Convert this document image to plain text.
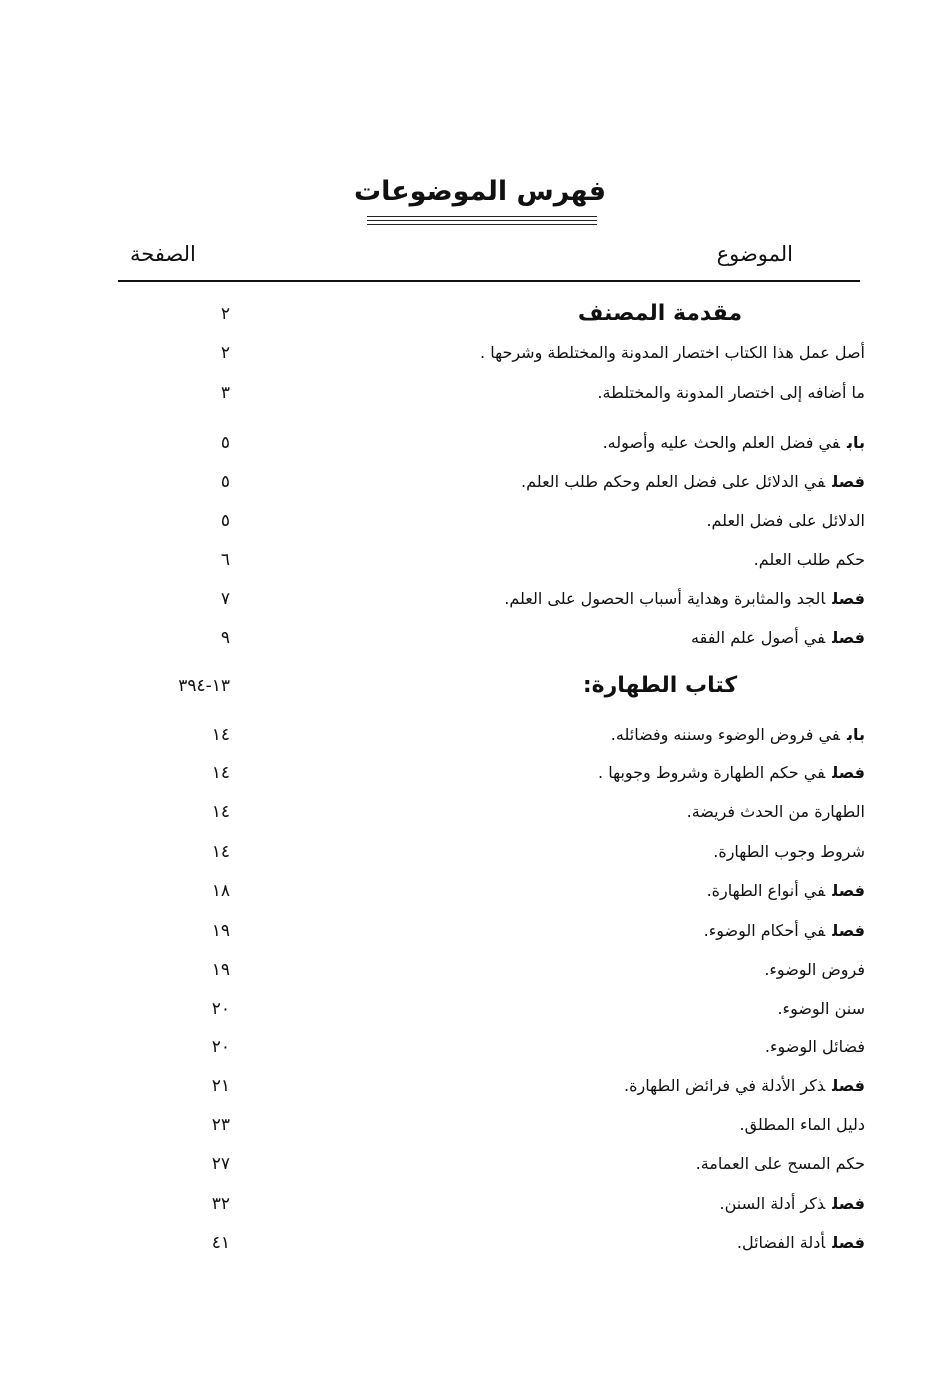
فهرس الموضوعات
الموضوع
الصفحة
مقدمة المصنف
٢
أصل عمل هذا الكتاب اختصار المدونة والمختلطة وشرحها .
٢
ما أضافه إلى اختصار المدونة والمختلطة.
٣
بابفي فضل العلم والحث عليه وأصوله.
٥
فصلفي الدلائل على فضل العلم وحكم طلب العلم.
٥
الدلائل على فضل العلم.
٥
حكم طلب العلم.
٦
فصلالجد والمثابرة وهداية أسباب الحصول على العلم.
٧
فصلفي أصول علم الفقه
٩
كتاب الطهارة:
١٣-٣٩٤
بابفي فروض الوضوء وسننه وفضائله.
١٤
فصلفي حكم الطهارة وشروط وجوبها .
١٤
الطهارة من الحدث فريضة.
١٤
شروط وجوب الطهارة.
١٤
فصلفي أنواع الطهارة.
١٨
فصلفي أحكام الوضوء.
١٩
فروض الوضوء.
١٩
سنن الوضوء.
٢٠
فضائل الوضوء.
٢٠
فصلذكر الأدلة في فرائض الطهارة.
٢١
دليل الماء المطلق.
٢٣
حكم المسح على العمامة.
٢٧
فصلذكر أدلة السنن.
٣٢
فصلأدلة الفضائل.
٤١
